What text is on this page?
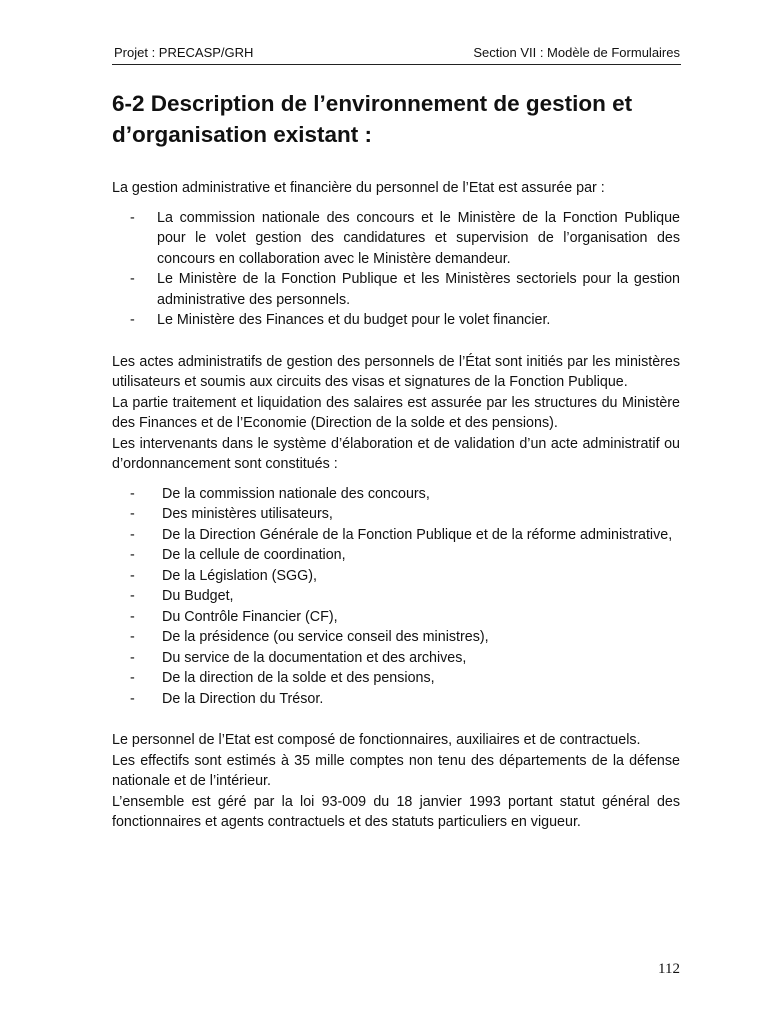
Projet : PRECASP/GRH	Section VII : Modèle de Formulaires
6-2 Description de l’environnement de gestion et d’organisation existant :

La gestion administrative et financière du personnel de l’Etat est assurée par :

- La commission nationale des concours et le Ministère de la Fonction Publique pour le volet gestion des candidatures et supervision de l’organisation des concours en collaboration avec le Ministère demandeur.
- Le Ministère de la Fonction Publique et les Ministères sectoriels pour la gestion administrative des personnels.
- Le Ministère des Finances et du budget pour le volet financier.

Les actes administratifs de gestion des personnels de l’État sont initiés par les ministères utilisateurs et soumis aux circuits des visas et signatures de la Fonction Publique.

La partie traitement et liquidation des salaires est assurée par les structures du Ministère des Finances et de l’Economie (Direction de la solde et des pensions).

Les intervenants dans le système d’élaboration et de validation d’un acte administratif ou d’ordonnancement sont constitués :

- De la commission nationale des concours,
- Des ministères utilisateurs,
- De la Direction Générale de la Fonction Publique et de la réforme administrative,
- De la cellule de coordination,
- De la Législation (SGG),
- Du Budget,
- Du Contrôle Financier (CF),
- De la présidence (ou service conseil des ministres),
- Du service de la documentation et des archives,
- De la direction de la solde et des pensions,
- De la Direction du Trésor.

Le personnel de l’Etat est composé de fonctionnaires, auxiliaires et de contractuels.

Les effectifs sont estimés à 35 mille comptes non tenu des départements de la défense nationale et de l’intérieur.

L’ensemble est géré par la loi 93-009 du 18 janvier 1993 portant statut général des fonctionnaires et agents contractuels et des statuts particuliers en vigueur.

112
